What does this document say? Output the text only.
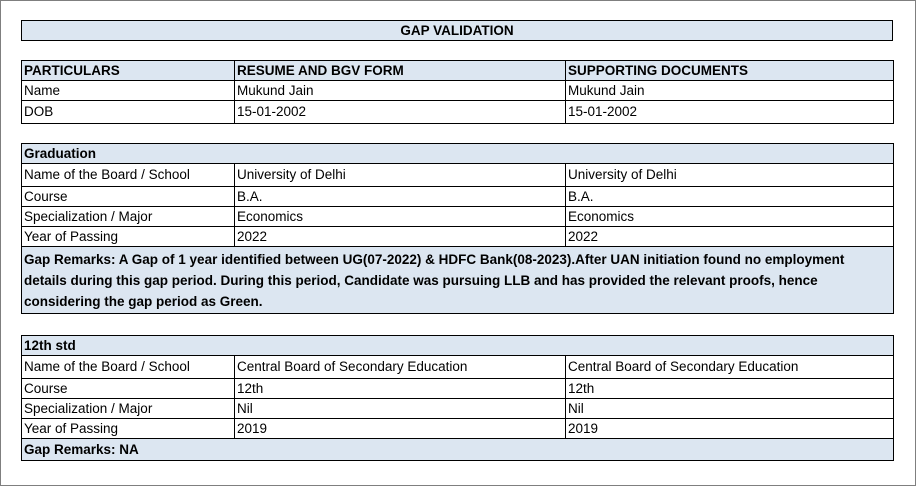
GAP VALIDATION
PARTICULARS	RESUME AND BGV FORM	SUPPORTING DOCUMENTS
Name	Mukund Jain	Mukund Jain
DOB	15-01-2002	15-01-2002
Graduation		
Name of the Board / School	University of Delhi	University of Delhi
Course	B.A.	B.A.
Specialization / Major	Economics	Economics
Year of Passing	2022	2022
Gap Remarks: A Gap of 1 year identified between UG(07-2022) & HDFC Bank(08-2023).After UAN initiation found no employment details during this gap period. During this period, Candidate was pursuing LLB and has provided the relevant proofs, hence considering the gap period as Green.		
12th std		
Name of the Board / School	Central Board of Secondary Education	Central Board of Secondary Education
Course	12th	12th
Specialization / Major	Nil	Nil
Year of Passing	2019	2019
Gap Remarks: NA		
